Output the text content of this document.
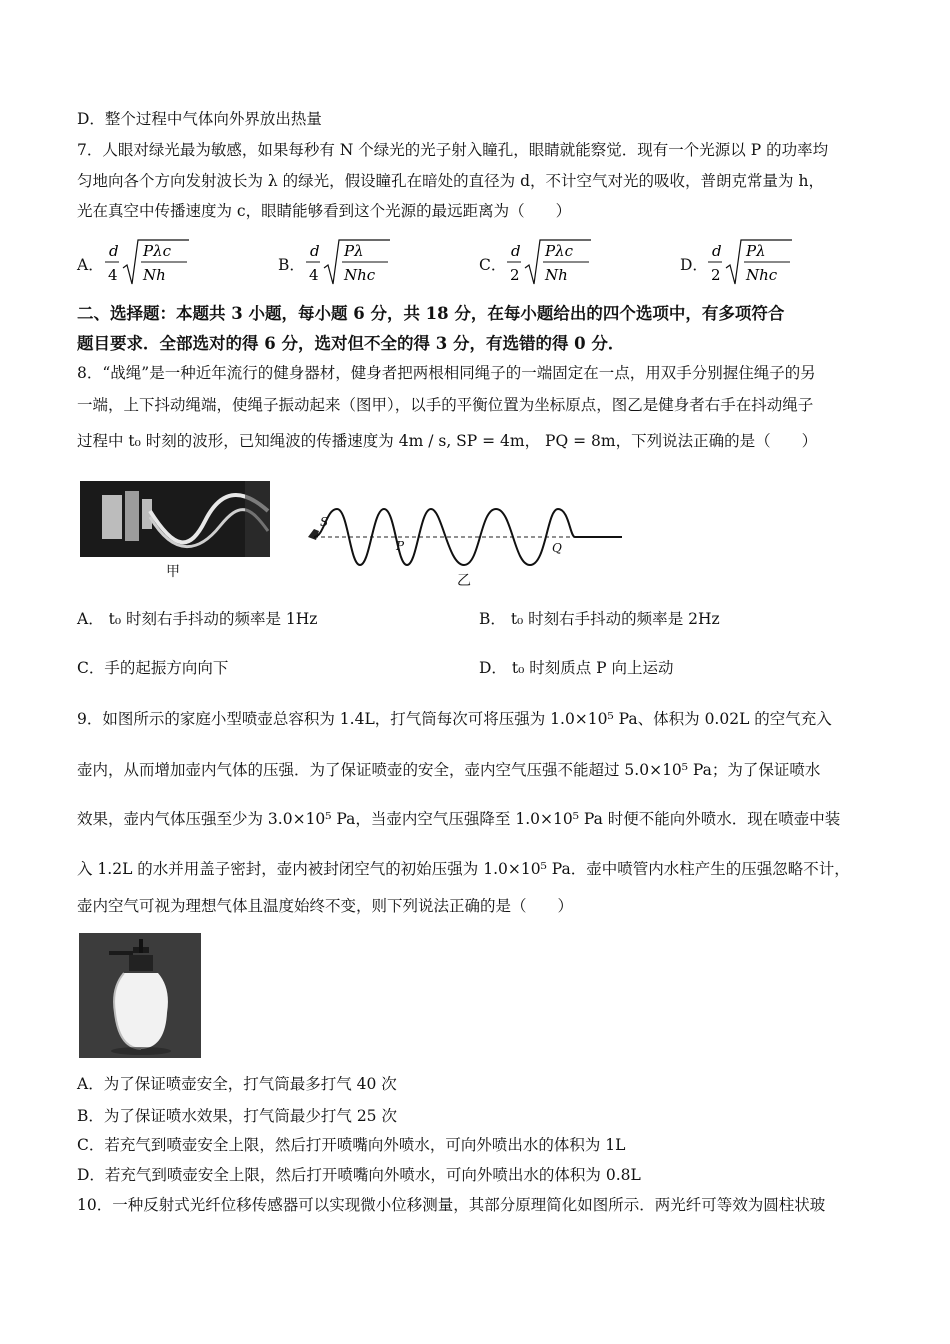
D．整个过程中气体向外界放出热量
7．人眼对绿光最为敏感，如果每秒有 N 个绿光的光子射入瞳孔，眼睛就能察觉．现有一个光源以 P 的功率均
匀地向各个方向发射波长为 λ 的绿光，假设瞳孔在暗处的直径为 d，不计空气对光的吸收，普朗克常量为 h，
光在真空中传播速度为 c，眼睛能够看到这个光源的最远距离为（　　）
A．
d
4
Pλc
Nh
B．
d
4
Pλ
Nhc
C．
d
2
Pλc
Nh
D．
d
2
Pλ
Nhc
二、选择题：本题共 3 小题，每小题 6 分，共 18 分，在每小题给出的四个选项中，有多项符合
题目要求．全部选对的得 6 分，选对但不全的得 3 分，有选错的得 0 分．
8．“战绳”是一种近年流行的健身器材，健身者把两根相同绳子的一端固定在一点，用双手分别握住绳子的另
一端，上下抖动绳端，使绳子振动起来（图甲），以手的平衡位置为坐标原点，图乙是健身者右手在抖动绳子
过程中 t₀ 时刻的波形，已知绳波的传播速度为 4m / s, SP = 4m， PQ = 8m，下列说法正确的是（　　）
甲
S
P	Q
乙
A． t₀ 时刻右手抖动的频率是 1Hz	B． t₀ 时刻右手抖动的频率是 2Hz
C．手的起振方向向下	D． t₀ 时刻质点 P 向上运动
9．如图所示的家庭小型喷壶总容积为 1.4L，打气筒每次可将压强为 1.0×10⁵ Pa、体积为 0.02L 的空气充入
壶内，从而增加壶内气体的压强．为了保证喷壶的安全，壶内空气压强不能超过 5.0×10⁵ Pa；为了保证喷水
效果，壶内气体压强至少为 3.0×10⁵ Pa，当壶内空气压强降至 1.0×10⁵ Pa 时便不能向外喷水．现在喷壶中装
入 1.2L 的水并用盖子密封，壶内被封闭空气的初始压强为 1.0×10⁵ Pa．壶中喷管内水柱产生的压强忽略不计，
壶内空气可视为理想气体且温度始终不变，则下列说法正确的是（　　）
A．为了保证喷壶安全，打气筒最多打气 40 次
B．为了保证喷水效果，打气筒最少打气 25 次
C．若充气到喷壶安全上限，然后打开喷嘴向外喷水，可向外喷出水的体积为 1L
D．若充气到喷壶安全上限，然后打开喷嘴向外喷水，可向外喷出水的体积为 0.8L
10．一种反射式光纤位移传感器可以实现微小位移测量，其部分原理简化如图所示．两光纤可等效为圆柱状玻
